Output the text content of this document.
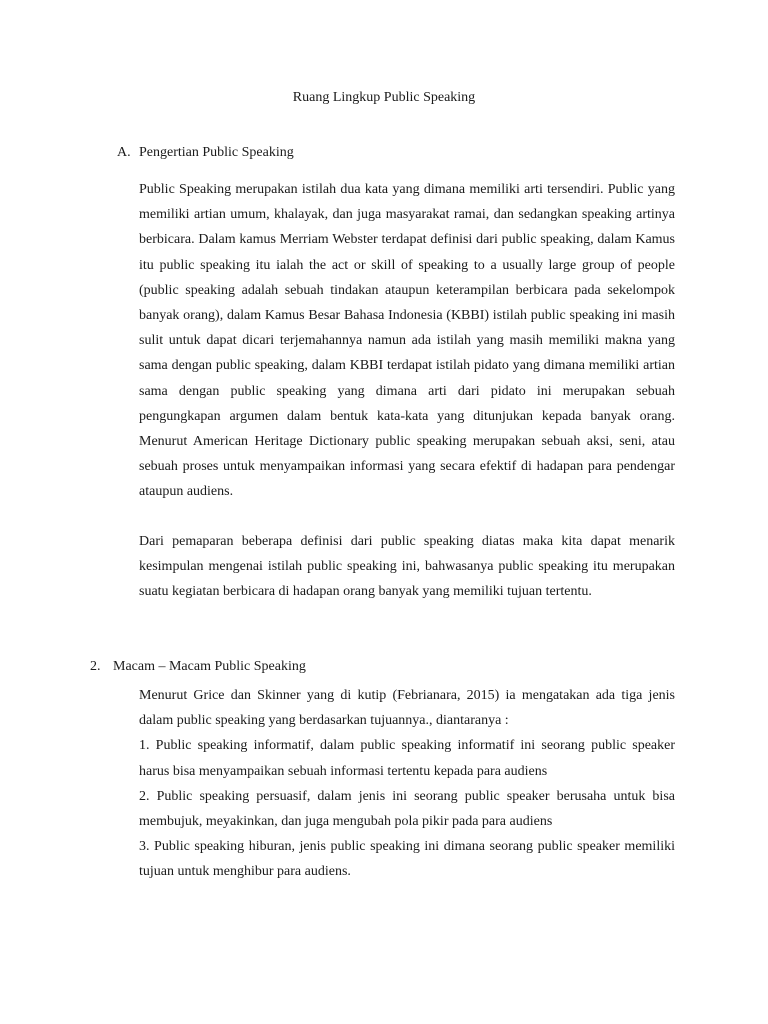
Ruang Lingkup Public Speaking
A. Pengertian Public Speaking

Public Speaking merupakan istilah dua kata yang dimana memiliki arti tersendiri. Public yang memiliki artian umum, khalayak, dan juga masyarakat ramai, dan sedangkan speaking artinya berbicara. Dalam kamus Merriam Webster terdapat definisi dari public speaking, dalam Kamus itu public speaking itu ialah the act or skill of speaking to a usually large group of people (public speaking adalah sebuah tindakan ataupun keterampilan berbicara pada sekelompok banyak orang), dalam Kamus Besar Bahasa Indonesia (KBBI) istilah public speaking ini masih sulit untuk dapat dicari terjemahannya namun ada istilah yang masih memiliki makna yang sama dengan public speaking, dalam KBBI terdapat istilah pidato yang dimana memiliki artian sama dengan public speaking yang dimana arti dari pidato ini merupakan sebuah pengungkapan argumen dalam bentuk kata-kata yang ditunjukan kepada banyak orang. Menurut American Heritage Dictionary public speaking merupakan sebuah aksi, seni, atau sebuah proses untuk menyampaikan informasi yang secara efektif di hadapan para pendengar ataupun audiens.

Dari pemaparan beberapa definisi dari public speaking diatas maka kita dapat menarik kesimpulan mengenai istilah public speaking ini, bahwasanya public speaking itu merupakan suatu kegiatan berbicara di hadapan orang banyak yang memiliki tujuan tertentu.

2. Macam – Macam Public Speaking

Menurut Grice dan Skinner yang di kutip (Febrianara, 2015) ia mengatakan ada tiga jenis dalam public speaking yang berdasarkan tujuannya., diantaranya :

1. Public speaking informatif, dalam public speaking informatif ini seorang public speaker harus bisa menyampaikan sebuah informasi tertentu kepada para audiens

2. Public speaking persuasif, dalam jenis ini seorang public speaker berusaha untuk bisa membujuk, meyakinkan, dan juga mengubah pola pikir pada para audiens

3. Public speaking hiburan, jenis public speaking ini dimana seorang public speaker memiliki tujuan untuk menghibur para audiens.
